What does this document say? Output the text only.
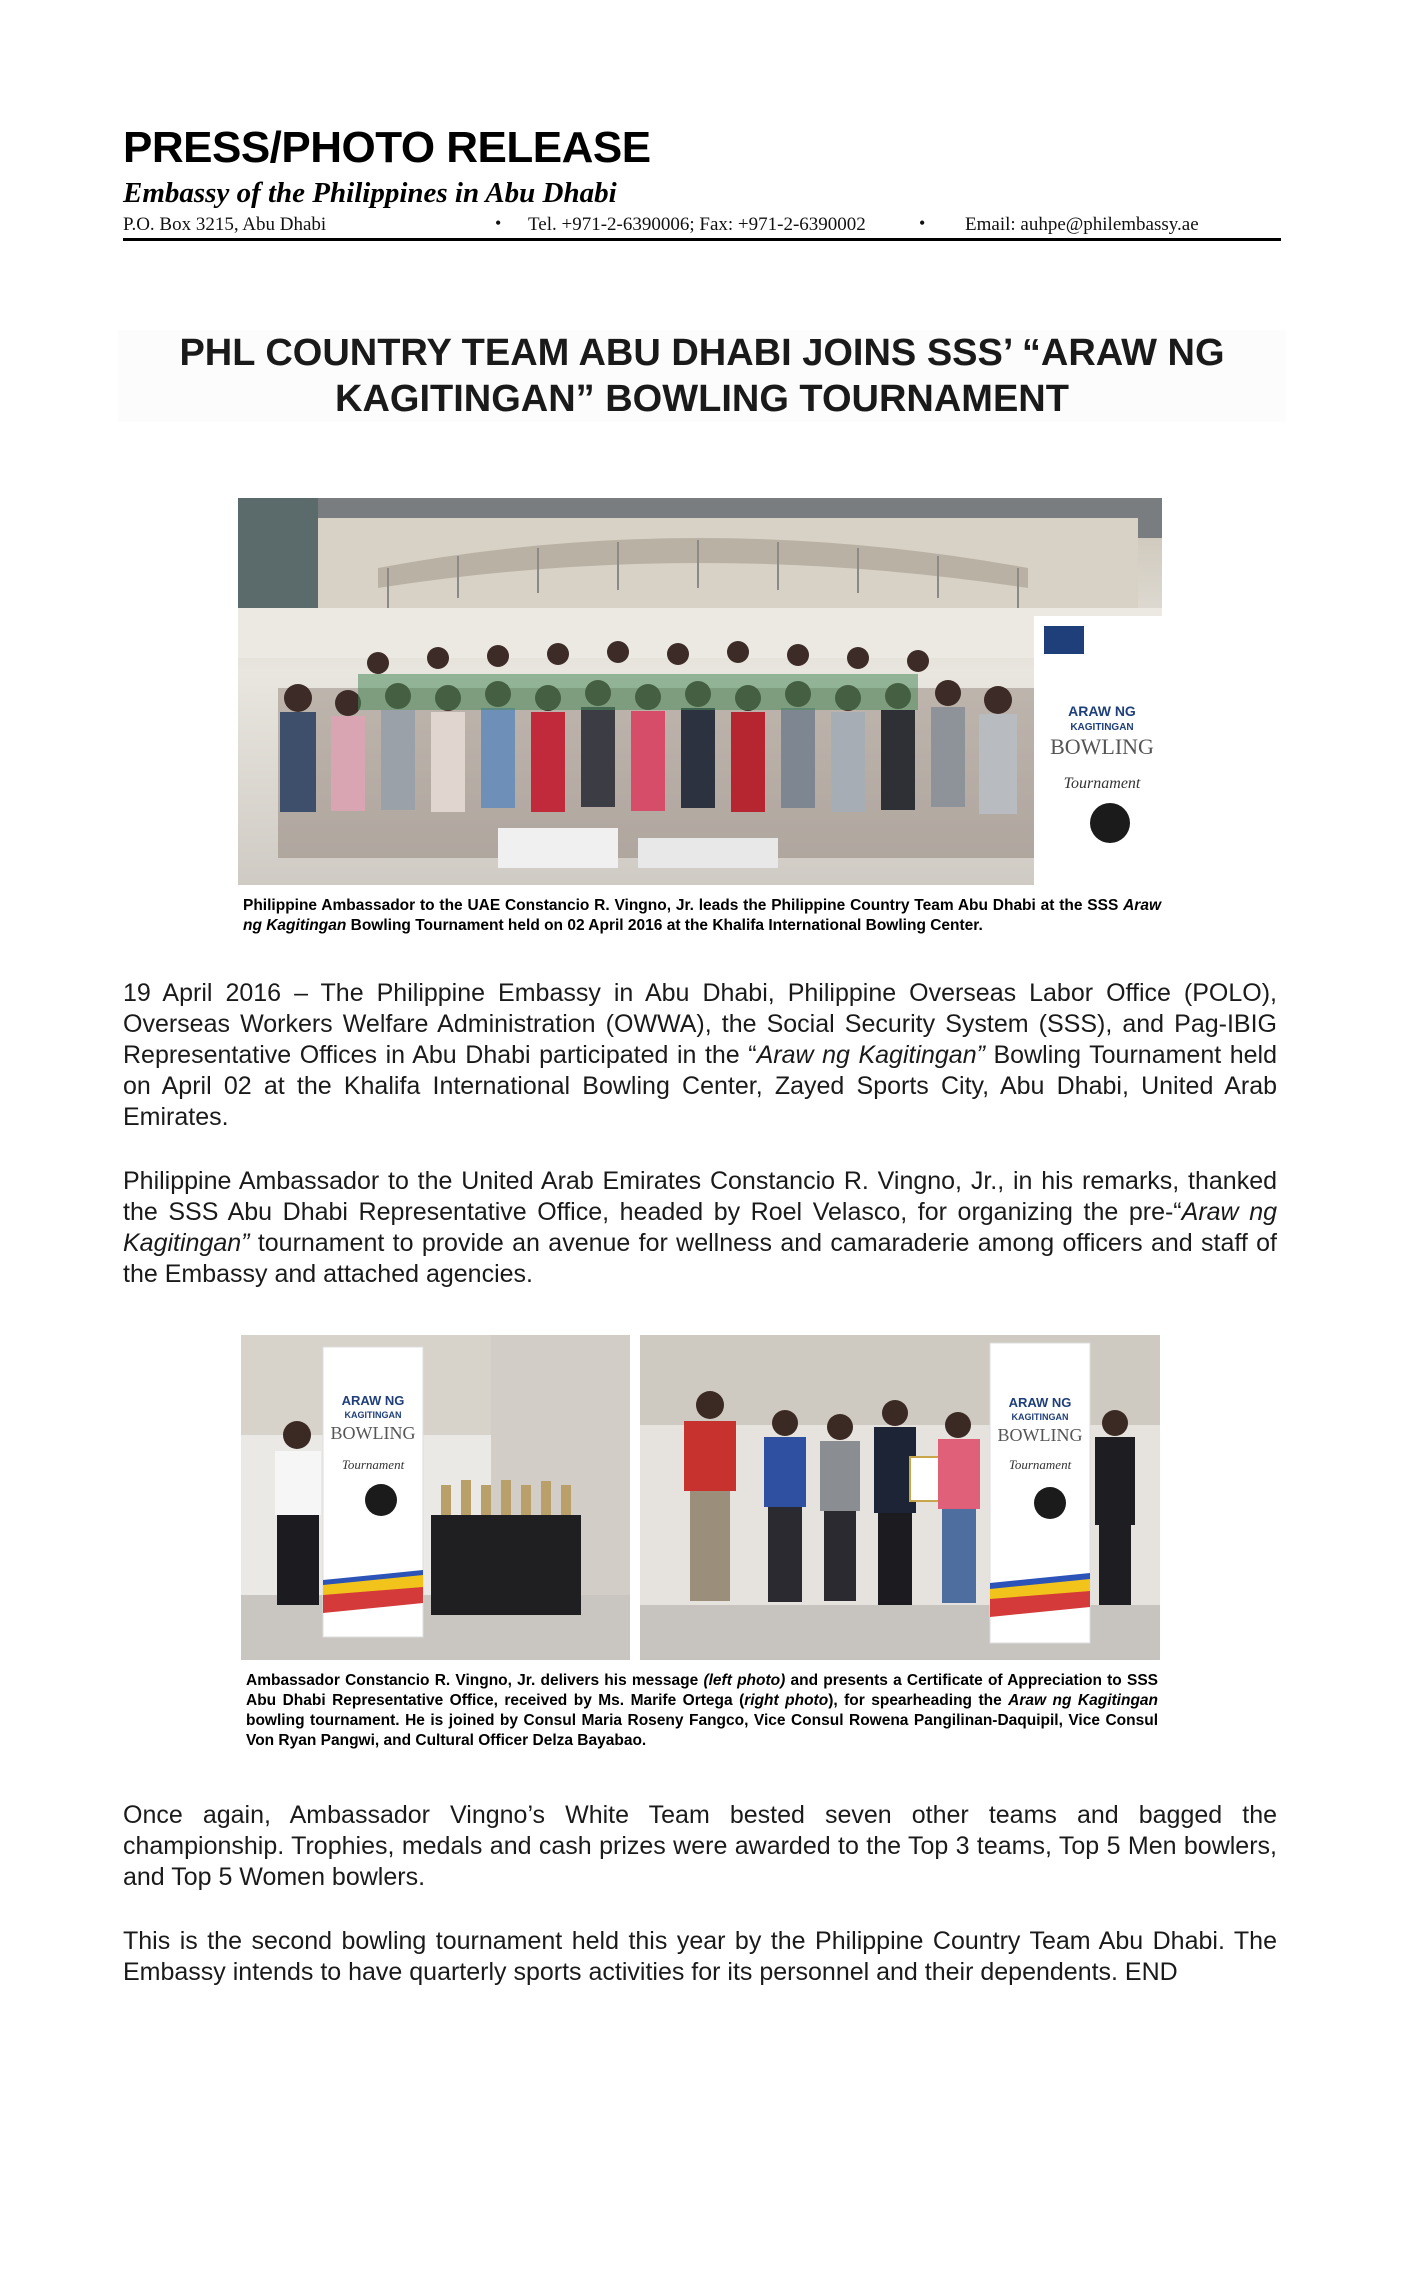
PRESS/PHOTO RELEASE
Embassy of the Philippines in Abu Dhabi
P.O. Box 3215, Abu Dhabi	• Tel. +971-2-6390006; Fax: +971-2-6390002	• Email: auhpe@philembassy.ae
PHL COUNTRY TEAM ABU DHABI JOINS SSS’ “ARAW NG
KAGITINGAN” BOWLING TOURNAMENT
ARAW NG
KAGITINGAN
BOWLING
Tournament
Philippine Ambassador to the UAE Constancio R. Vingno, Jr. leads the Philippine Country Team Abu Dhabi at the SSS Araw ng Kagitingan Bowling Tournament held on 02 April 2016 at the Khalifa International Bowling Center.

19 April 2016 – The Philippine Embassy in Abu Dhabi, Philippine Overseas Labor Office (POLO), Overseas Workers Welfare Administration (OWWA), the Social Security System (SSS), and Pag-IBIG Representative Offices in Abu Dhabi participated in the “Araw ng Kagitingan” Bowling Tournament held on April 02 at the Khalifa International Bowling Center, Zayed Sports City, Abu Dhabi, United Arab Emirates.

Philippine Ambassador to the United Arab Emirates Constancio R. Vingno, Jr., in his remarks, thanked the SSS Abu Dhabi Representative Office, headed by Roel Velasco, for organizing the pre-“Araw ng Kagitingan” tournament to provide an avenue for wellness and camaraderie among officers and staff of the Embassy and attached agencies.

ARAW NG
KAGITINGAN
BOWLING
Tournament
ARAW NG
KAGITINGAN
BOWLING
Tournament
Ambassador Constancio R. Vingno, Jr. delivers his message (left photo) and presents a Certificate of Appreciation to SSS Abu Dhabi Representative Office, received by Ms. Marife Ortega (right photo), for spearheading the Araw ng Kagitingan bowling tournament. He is joined by Consul Maria Roseny Fangco, Vice Consul Rowena Pangilinan-Daquipil, Vice Consul Von Ryan Pangwi, and Cultural Officer Delza Bayabao.

Once again, Ambassador Vingno’s White Team bested seven other teams and bagged the championship. Trophies, medals and cash prizes were awarded to the Top 3 teams, Top 5 Men bowlers, and Top 5 Women bowlers.

This is the second bowling tournament held this year by the Philippine Country Team Abu Dhabi. The Embassy intends to have quarterly sports activities for its personnel and their dependents. END
